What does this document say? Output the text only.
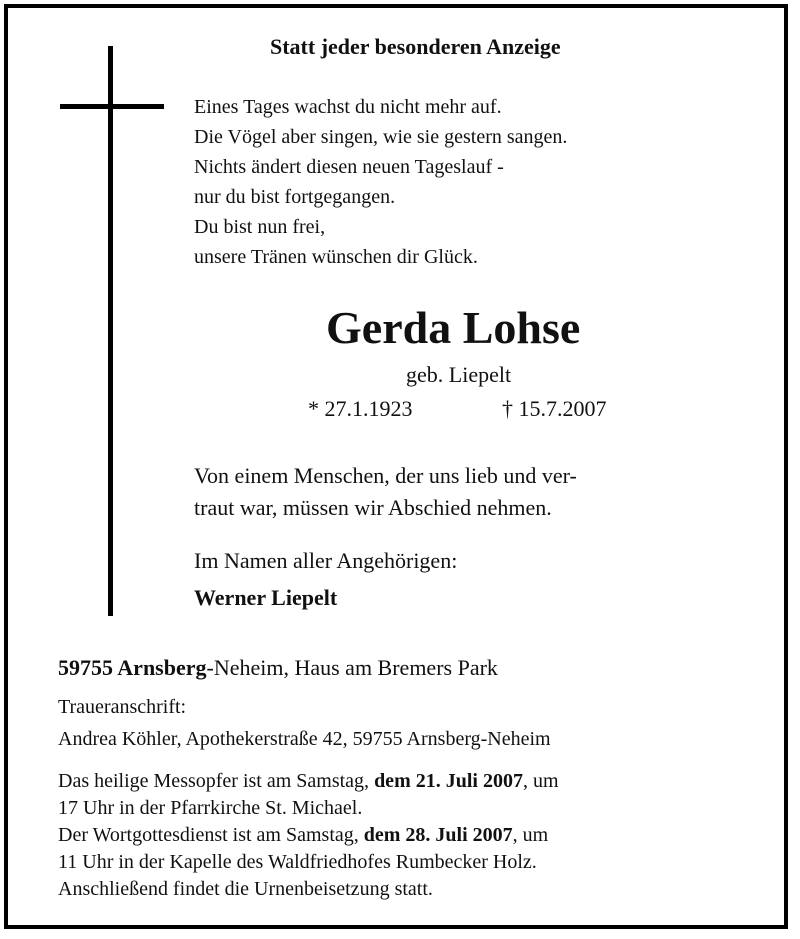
Statt jeder besonderen Anzeige
Eines Tages wachst du nicht mehr auf.
Die Vögel aber singen, wie sie gestern sangen.
Nichts ändert diesen neuen Tageslauf -
nur du bist fortgegangen.
Du bist nun frei,
unsere Tränen wünschen dir Glück.
Gerda Lohse
geb. Liepelt
* 27.1.1923	† 15.7.2007
Von einem Menschen, der uns lieb und ver-
traut war, müssen wir Abschied nehmen.
Im Namen aller Angehörigen:
Werner Liepelt
59755 Arnsberg-Neheim, Haus am Bremers Park
Traueranschrift:
Andrea Köhler, Apothekerstraße 42, 59755 Arnsberg-Neheim
Das heilige Messopfer ist am Samstag, dem 21. Juli 2007, um
17 Uhr in der Pfarrkirche St. Michael.
Der Wortgottesdienst ist am Samstag, dem 28. Juli 2007, um
11 Uhr in der Kapelle des Waldfriedhofes Rumbecker Holz.
Anschließend findet die Urnenbeisetzung statt.
